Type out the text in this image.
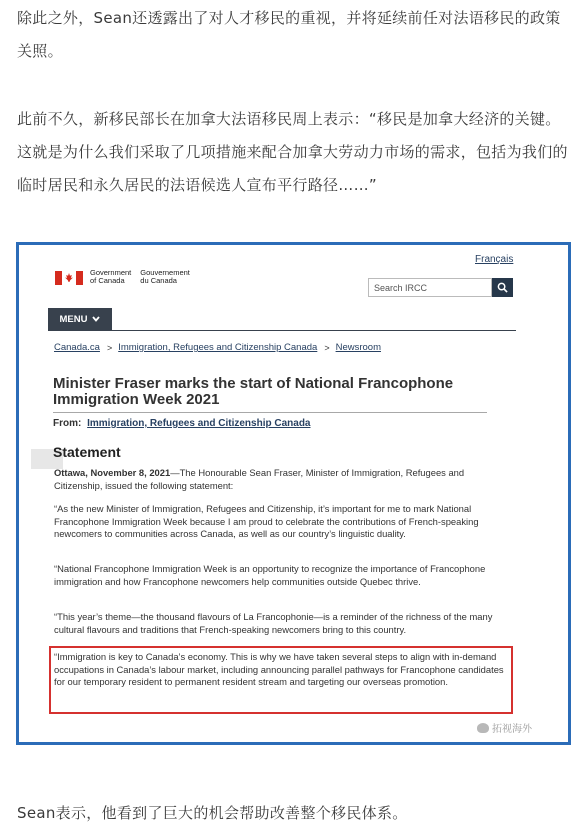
除此之外，Sean还透露出了对人才移民的重视，并将延续前任对法语移民的政策关照。

此前不久，新移民部长在加拿大法语移民周上表示：“移民是加拿大经济的关键。这就是为什么我们采取了几项措施来配合加拿大劳动力市场的需求，包括为我们的临时居民和永久居民的法语候选人宣布平行路径……”

Français
Government
of Canada
Gouvernement
du Canada
Search IRCC
MENU
Canada.ca > Immigration, Refugees and Citizenship Canada > Newsroom
Minister Fraser marks the start of National Francophone Immigration Week 2021
From: Immigration, Refugees and Citizenship Canada
Statement

Ottawa, November 8, 2021—The Honourable Sean Fraser, Minister of Immigration, Refugees and Citizenship, issued the following statement:

“As the new Minister of Immigration, Refugees and Citizenship, it’s important for me to mark National Francophone Immigration Week because I am proud to celebrate the contributions of French-speaking newcomers to communities across Canada, as well as our country’s linguistic duality.

“National Francophone Immigration Week is an opportunity to recognize the importance of Francophone immigration and how Francophone newcomers help communities outside Quebec thrive.

“This year’s theme—the thousand flavours of La Francophonie—is a reminder of the richness of the many cultural flavours and traditions that French-speaking newcomers bring to this country.

“Immigration is key to Canada’s economy. This is why we have taken several steps to align with in-demand occupations in Canada’s labour market, including announcing parallel pathways for Francophone candidates for our temporary resident to permanent resident stream and targeting our overseas promotion.

拓视海外

Sean表示，他看到了巨大的机会帮助改善整个移民体系。
